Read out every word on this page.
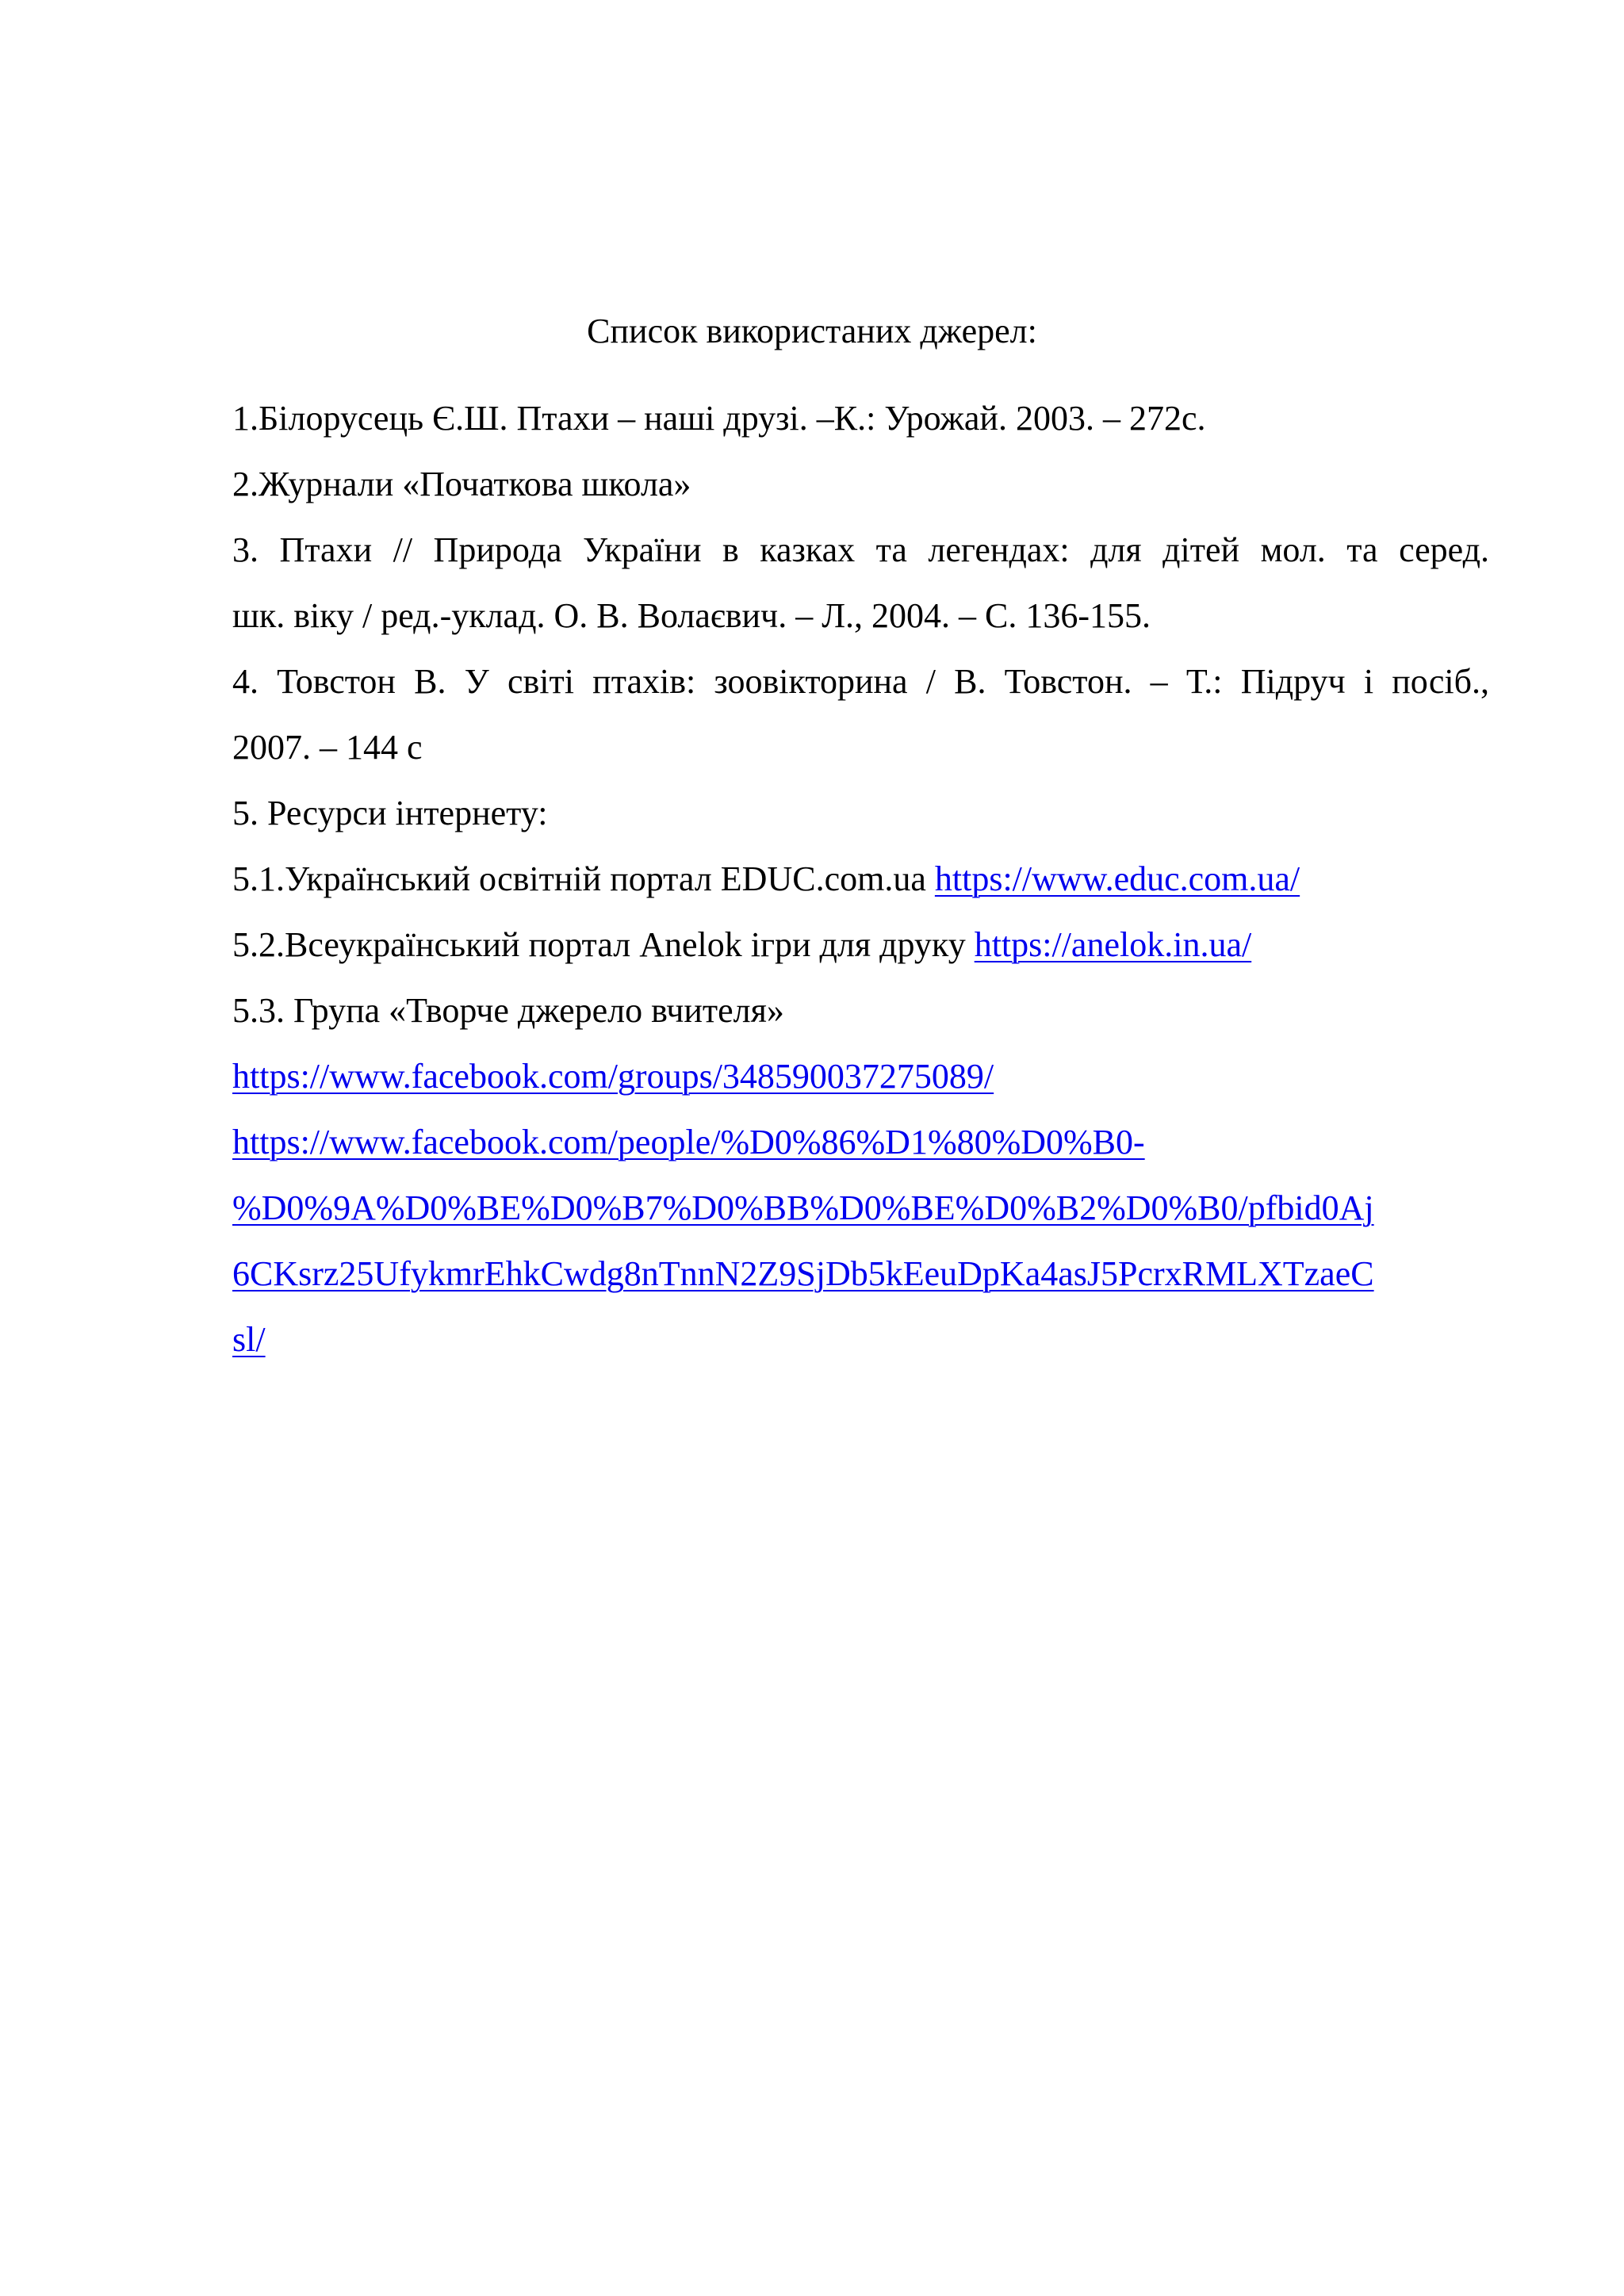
Список використаних джерел:
1.Білорусець Є.Ш. Птахи – наші друзі. –К.: Урожай. 2003. – 272с.
2.Журнали «Початкова школа»
3. Птахи // Природа України в казках та легендах: для дітей мол. та серед.
шк. віку / ред.-уклад. О. В. Волаєвич. – Л., 2004. – С. 136-155.
4. Товстон В. У світі птахів: зоовікторина / В. Товстон. – Т.: Підруч і посіб.,
2007. – 144 с
5. Ресурси інтернету:
5.1.Український освітній портал EDUC.com.ua https://www.educ.com.ua/
5.2.Всеукраїнський портал Anelok ігри для друку https://anelok.in.ua/
5.3. Група «Творче джерело вчителя»
https://www.facebook.com/groups/348590037275089/
https://www.facebook.com/people/%D0%86%D1%80%D0%B0-
%D0%9A%D0%BE%D0%B7%D0%BB%D0%BE%D0%B2%D0%B0/pfbid0Aj
6CKsrz25UfykmrEhkCwdg8nTnnN2Z9SjDb5kEeuDpKa4asJ5PcrxRMLXTzaeC
sl/
